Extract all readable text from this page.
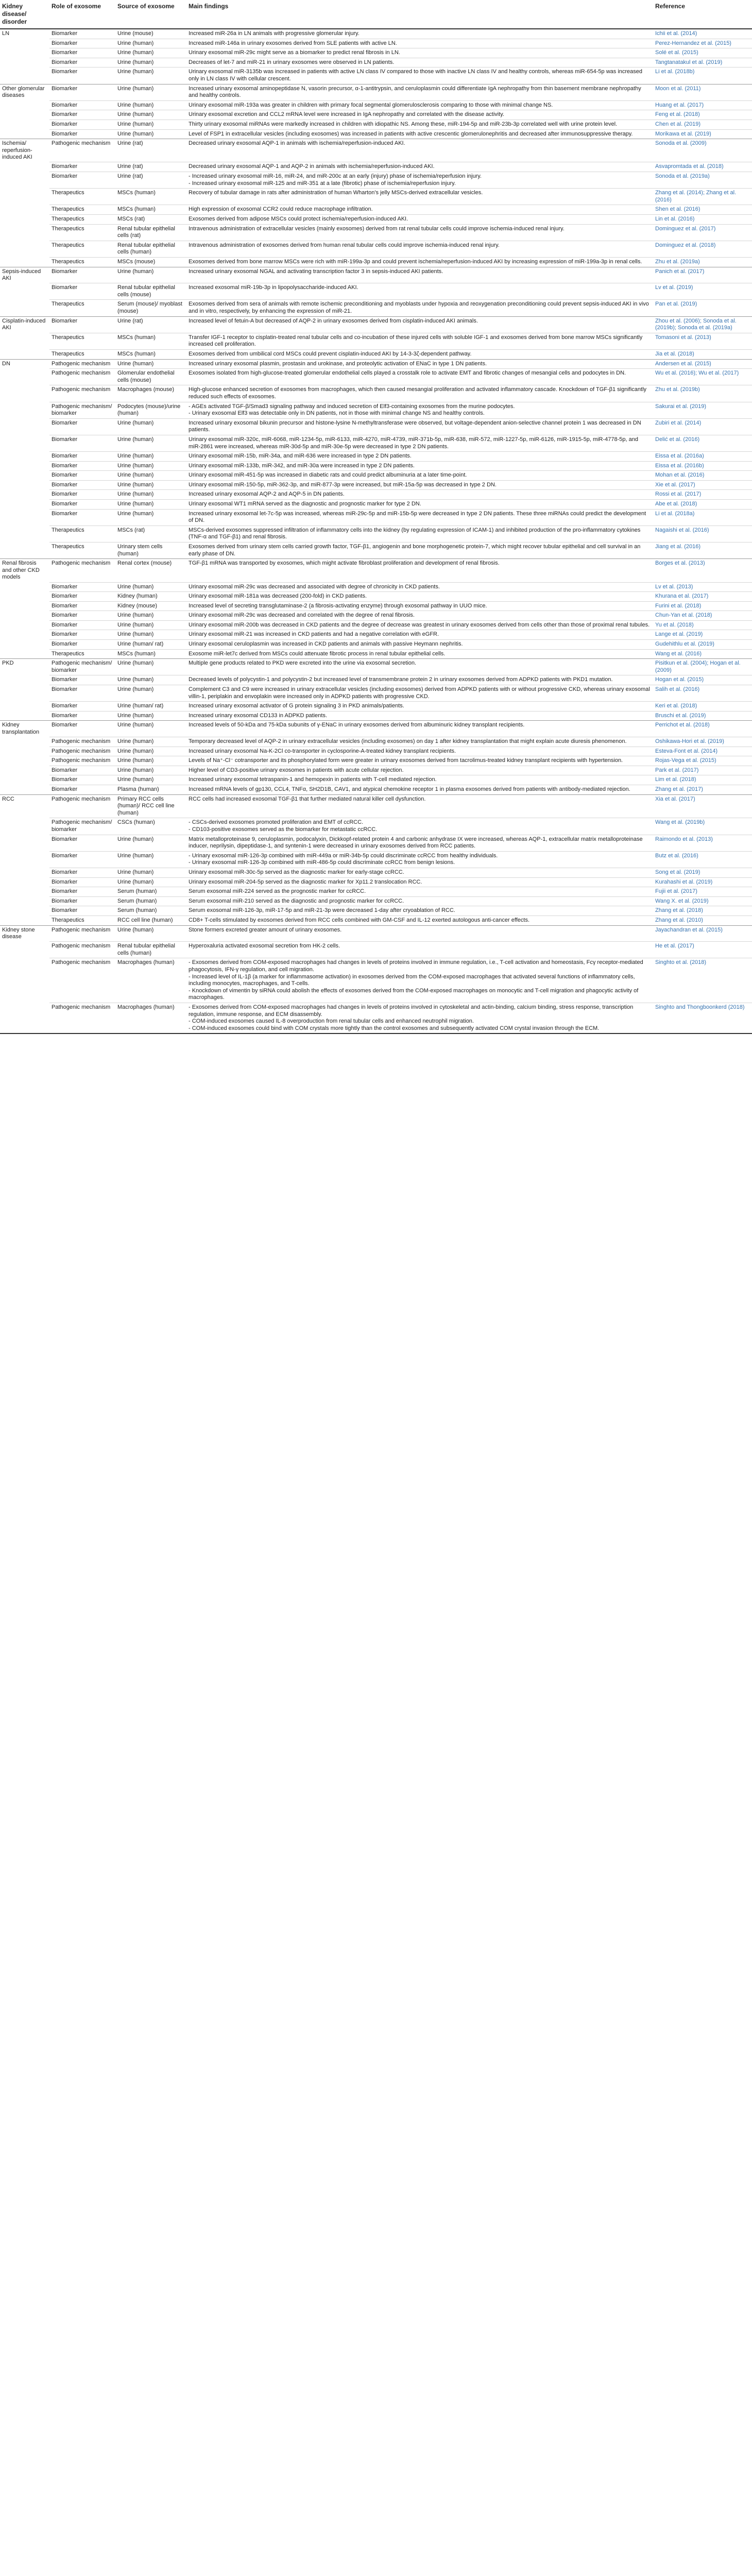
Kidney disease/ disorder	Role of exosome	Source of exosome	Main findings	Reference
LN	Biomarker	Urine (mouse)	Increased miR-26a in LN animals with progressive glomerular injury.	Ichii et al. (2014)
	Biomarker	Urine (human)	Increased miR-146a in urinary exosomes derived from SLE patients with active LN.	Perez-Hernandez et al. (2015)
	Biomarker	Urine (human)	Urinary exosomal miR-29c might serve as a biomarker to predict renal fibrosis in LN.	Solé et al. (2015)
	Biomarker	Urine (human)	Decreases of let-7 and miR-21 in urinary exosomes were observed in LN patients.	Tangtanatakul et al. (2019)
	Biomarker	Urine (human)	Urinary exosomal miR-3135b was increased in patients with active LN class IV compared to those with inactive LN class IV and healthy controls, whereas miR-654-5p was increased only in LN class IV with cellular crescent.	Li et al. (2018b)
Other glomerular diseases	Biomarker	Urine (human)	Increased urinary exosomal aminopeptidase N, vasorin precursor, α-1-antitrypsin, and ceruloplasmin could differentiate IgA nephropathy from thin basement membrane nephropathy and healthy controls.	Moon et al. (2011)
	Biomarker	Urine (human)	Urinary exosomal miR-193a was greater in children with primary focal segmental glomerulosclerosis comparing to those with minimal change NS.	Huang et al. (2017)
	Biomarker	Urine (human)	Urinary exosomal excretion and CCL2 mRNA level were increased in IgA nephropathy and correlated with the disease activity.	Feng et al. (2018)
	Biomarker	Urine (human)	Thirty urinary exosomal miRNAs were markedly increased in children with idiopathic NS. Among these, miR-194-5p and miR-23b-3p correlated well with urine protein level.	Chen et al. (2019)
	Biomarker	Urine (human)	Level of FSP1 in extracellular vesicles (including exosomes) was increased in patients with active crescentic glomerulonephritis and decreased after immunosuppressive therapy.	Morikawa et al. (2019)
Ischemia/ reperfusion-induced AKI	Pathogenic mechanism	Urine (rat)	Decreased urinary exosomal AQP-1 in animals with ischemia/reperfusion-induced AKI.	Sonoda et al. (2009)
	Biomarker	Urine (rat)	Decreased urinary exosomal AQP-1 and AQP-2 in animals with ischemia/reperfusion-induced AKI.	Asvapromtada et al. (2018)
	Biomarker	Urine (rat)	- Increased urinary exosomal miR-16, miR-24, and miR-200c at an early (injury) phase of ischemia/reperfusion injury.
- Increased urinary exosomal miR-125 and miR-351 at a late (fibrotic) phase of ischemia/reperfusion injury.	Sonoda et al. (2019a)
	Therapeutics	MSCs (human)	Recovery of tubular damage in rats after administration of human Wharton's jelly MSCs-derived extracellular vesicles.	Zhang et al. (2014); Zhang et al. (2016)
	Therapeutics	MSCs (human)	High expression of exosomal CCR2 could reduce macrophage infiltration.	Shen et al. (2016)
	Therapeutics	MSCs (rat)	Exosomes derived from adipose MSCs could protect ischemia/reperfusion-induced AKI.	Lin et al. (2016)
	Therapeutics	Renal tubular epithelial cells (rat)	Intravenous administration of extracellular vesicles (mainly exosomes) derived from rat renal tubular cells could improve ischemia-induced renal injury.	Dominguez et al. (2017)
	Therapeutics	Renal tubular epithelial cells (human)	Intravenous administration of exosomes derived from human renal tubular cells could improve ischemia-induced renal injury.	Dominguez et al. (2018)
	Therapeutics	MSCs (mouse)	Exosomes derived from bone marrow MSCs were rich with miR-199a-3p and could prevent ischemia/reperfusion-induced AKI by increasing expression of miR-199a-3p in renal cells.	Zhu et al. (2019a)
Sepsis-induced AKI	Biomarker	Urine (human)	Increased urinary exosomal NGAL and activating transcription factor 3 in sepsis-induced AKI patients.	Panich et al. (2017)
	Biomarker	Renal tubular epithelial cells (mouse)	Increased exosomal miR-19b-3p in lipopolysaccharide-induced AKI.	Lv et al. (2019)
	Therapeutics	Serum (mouse)/ myoblast (mouse)	Exosomes derived from sera of animals with remote ischemic preconditioning and myoblasts under hypoxia and reoxygenation preconditioning could prevent sepsis-induced AKI in vivo and in vitro, respectively, by enhancing the expression of miR-21.	Pan et al. (2019)
Cisplatin-induced AKI	Biomarker	Urine (rat)	Increased level of fetuin-A but decreased of AQP-2 in urinary exosomes derived from cisplatin-induced AKI animals.	Zhou et al. (2006); Sonoda et al. (2019b); Sonoda et al. (2019a)
	Therapeutics	MSCs (human)	Transfer IGF-1 receptor to cisplatin-treated renal tubular cells and co-incubation of these injured cells with soluble IGF-1 and exosomes derived from bone marrow MSCs significantly increased cell proliferation.	Tomasoni et al. (2013)
	Therapeutics	MSCs (human)	Exosomes derived from umbilical cord MSCs could prevent cisplatin-induced AKI by 14-3-3ζ-dependent pathway.	Jia et al. (2018)
DN	Pathogenic mechanism	Urine (human)	Increased urinary exosomal plasmin, prostasin and urokinase, and proteolytic activation of ENaC in type 1 DN patients.	Andersen et al. (2015)
	Pathogenic mechanism	Glomerular endothelial cells (mouse)	Exosomes isolated from high-glucose-treated glomerular endothelial cells played a crosstalk role to activate EMT and fibrotic changes of mesangial cells and podocytes in DN.	Wu et al. (2016); Wu et al. (2017)
	Pathogenic mechanism	Macrophages (mouse)	High-glucose enhanced secretion of exosomes from macrophages, which then caused mesangial proliferation and activated inflammatory cascade. Knockdown of TGF-β1 significantly reduced such effects of exosomes.	Zhu et al. (2019b)
	Pathogenic mechanism/ biomarker	Podocytes (mouse)/urine (human)	- AGEs activated TGF-β/Smad3 signaling pathway and induced secretion of Elf3-containing exosomes from the murine podocytes.
- Urinary exosomal Elf3 was detectable only in DN patients, not in those with minimal change NS and healthy controls.	Sakurai et al. (2019)
	Biomarker	Urine (human)	Increased urinary exosomal bikunin precursor and histone-lysine N-methyltransferase were observed, but voltage-dependent anion-selective channel protein 1 was decreased in DN patients.	Zubiri et al. (2014)
	Biomarker	Urine (human)	Urinary exosomal miR-320c, miR-6068, miR-1234-5p, miR-6133, miR-4270, miR-4739, miR-371b-5p, miR-638, miR-572, miR-1227-5p, miR-6126, miR-1915-5p, miR-4778-5p, and miR-2861 were increased, whereas miR-30d-5p and miR-30e-5p were decreased in type 2 DN patients.	Delić et al. (2016)
	Biomarker	Urine (human)	Urinary exosomal miR-15b, miR-34a, and miR-636 were increased in type 2 DN patients.	Eissa et al. (2016a)
	Biomarker	Urine (human)	Urinary exosomal miR-133b, miR-342, and miR-30a were increased in type 2 DN patients.	Eissa et al. (2016b)
	Biomarker	Urine (human)	Urinary exosomal miR-451-5p was increased in diabetic rats and could predict albuminuria at a later time-point.	Mohan et al. (2016)
	Biomarker	Urine (human)	Urinary exosomal miR-150-5p, miR-362-3p, and miR-877-3p were increased, but miR-15a-5p was decreased in type 2 DN.	Xie et al. (2017)
	Biomarker	Urine (human)	Increased urinary exosomal AQP-2 and AQP-5 in DN patients.	Rossi et al. (2017)
	Biomarker	Urine (human)	Urinary exosomal WT1 mRNA served as the diagnostic and prognostic marker for type 2 DN.	Abe et al. (2018)
	Biomarker	Urine (human)	Increased urinary exosomal let-7c-5p was increased, whereas miR-29c-5p and miR-15b-5p were decreased in type 2 DN patients. These three miRNAs could predict the development of DN.	Li et al. (2018a)
	Therapeutics	MSCs (rat)	MSCs-derived exosomes suppressed infiltration of inflammatory cells into the kidney (by regulating expression of ICAM-1) and inhibited production of the pro-inflammatory cytokines (TNF-α and TGF-β1) and renal fibrosis.	Nagaishi et al. (2016)
	Therapeutics	Urinary stem cells (human)	Exosomes derived from urinary stem cells carried growth factor, TGF-β1, angiogenin and bone morphogenetic protein-7, which might recover tubular epithelial and cell survival in an early phase of DN.	Jiang et al. (2016)
Renal fibrosis and other CKD models	Pathogenic mechanism	Renal cortex (mouse)	TGF-β1 mRNA was transported by exosomes, which might activate fibroblast proliferation and development of renal fibrosis.	Borges et al. (2013)
	Biomarker	Urine (human)	Urinary exosomal miR-29c was decreased and associated with degree of chronicity in CKD patients.	Lv et al. (2013)
	Biomarker	Kidney (human)	Urinary exosomal miR-181a was decreased (200-fold) in CKD patients.	Khurana et al. (2017)
	Biomarker	Kidney (mouse)	Increased level of secreting transglutaminase-2 (a fibrosis-activating enzyme) through exosomal pathway in UUO mice.	Furini et al. (2018)
	Biomarker	Urine (human)	Urinary exosomal miR-29c was decreased and correlated with the degree of renal fibrosis.	Chun-Yan et al. (2018)
	Biomarker	Urine (human)	Urinary exosomal miR-200b was decreased in CKD patients and the degree of decrease was greatest in urinary exosomes derived from cells other than those of proximal renal tubules.	Yu et al. (2018)
	Biomarker	Urine (human)	Urinary exosomal miR-21 was increased in CKD patients and had a negative correlation with eGFR.	Lange et al. (2019)
	Biomarker	Urine (human/ rat)	Urinary exosomal ceruloplasmin was increased in CKD patients and animals with passive Heymann nephritis.	Gudehithlu et al. (2019)
	Therapeutics	MSCs (human)	Exosome miR-let7c derived from MSCs could attenuate fibrotic process in renal tubular epithelial cells.	Wang et al. (2016)
PKD	Pathogenic mechanism/ biomarker	Urine (human)	Multiple gene products related to PKD were excreted into the urine via exosomal secretion.	Pisitkun et al. (2004); Hogan et al. (2009)
	Biomarker	Urine (human)	Decreased levels of polycystin-1 and polycystin-2 but increased level of transmembrane protein 2 in urinary exosomes derived from ADPKD patients with PKD1 mutation.	Hogan et al. (2015)
	Biomarker	Urine (human)	Complement C3 and C9 were increased in urinary extracellular vesicles (including exosomes) derived from ADPKD patients with or without progressive CKD, whereas urinary exosomal villin-1, periplakin and envoplakin were increased only in ADPKD patients with progressive CKD.	Salih et al. (2016)
	Biomarker	Urine (human/ rat)	Increased urinary exosomal activator of G protein signaling 3 in PKD animals/patients.	Keri et al. (2018)
	Biomarker	Urine (human)	Increased urinary exosomal CD133 in ADPKD patients.	Bruschi et al. (2019)
Kidney transplantation	Biomarker	Urine (human)	Increased levels of 50-kDa and 75-kDa subunits of γ-ENaC in urinary exosomes derived from albuminuric kidney transplant recipients.	Perrichot et al. (2018)
	Pathogenic mechanism	Urine (human)	Temporary decreased level of AQP-2 in urinary extracellular vesicles (including exosomes) on day 1 after kidney transplantation that might explain acute diuresis phenomenon.	Oshikawa-Hori et al. (2019)
	Pathogenic mechanism	Urine (human)	Increased urinary exosomal Na-K-2Cl co-transporter in cyclosporine-A-treated kidney transplant recipients.	Esteva-Font et al. (2014)
	Pathogenic mechanism	Urine (human)	Levels of Na⁺-Cl⁻ cotransporter and its phosphorylated form were greater in urinary exosomes derived from tacrolimus-treated kidney transplant recipients with hypertension.	Rojas-Vega et al. (2015)
	Biomarker	Urine (human)	Higher level of CD3-positive urinary exosomes in patients with acute cellular rejection.	Park et al. (2017)
	Biomarker	Urine (human)	Increased urinary exosomal tetraspanin-1 and hemopexin in patients with T-cell mediated rejection.	Lim et al. (2018)
	Biomarker	Plasma (human)	Increased mRNA levels of gp130, CCL4, TNFα, SH2D1B, CAV1, and atypical chemokine receptor 1 in plasma exosomes derived from patients with antibody-mediated rejection.	Zhang et al. (2017)
RCC	Pathogenic mechanism	Primary RCC cells (human)/ RCC cell line (human)	RCC cells had increased exosomal TGF-β1 that further mediated natural killer cell dysfunction.	Xia et al. (2017)
	Pathogenic mechanism/ biomarker	CSCs (human)	- CSCs-derived exosomes promoted proliferation and EMT of ccRCC.
- CD103-positive exosomes served as the biomarker for metastatic ccRCC.	Wang et al. (2019b)
	Biomarker	Urine (human)	Matrix metalloproteinase 9, ceruloplasmin, podocalyxin, Dickkopf-related protein 4 and carbonic anhydrase IX were increased, whereas AQP-1, extracellular matrix metalloproteinase inducer, neprilysin, dipeptidase-1, and syntenin-1 were decreased in urinary exosomes derived from RCC patients.	Raimondo et al. (2013)
	Biomarker	Urine (human)	- Urinary exosomal miR-126-3p combined with miR-449a or miR-34b-5p could discriminate ccRCC from healthy individuals.
- Urinary exosomal miR-126-3p combined with miR-486-5p could discriminate ccRCC from benign lesions.	Butz et al. (2016)
	Biomarker	Urine (human)	Urinary exosomal miR-30c-5p served as the diagnostic marker for early-stage ccRCC.	Song et al. (2019)
	Biomarker	Urine (human)	Urinary exosomal miR-204-5p served as the diagnostic marker for Xp11.2 translocation RCC.	Kurahashi et al. (2019)
	Biomarker	Serum (human)	Serum exosomal miR-224 served as the prognostic marker for ccRCC.	Fujii et al. (2017)
	Biomarker	Serum (human)	Serum exosomal miR-210 served as the diagnostic and prognostic marker for ccRCC.	Wang X. et al. (2019)
	Biomarker	Serum (human)	Serum exosomal miR-126-3p, miR-17-5p and miR-21-3p were decreased 1-day after cryoablation of RCC.	Zhang et al. (2018)
	Therapeutics	RCC cell line (human)	CD8+ T-cells stimulated by exosomes derived from RCC cells combined with GM-CSF and IL-12 exerted autologous anti-cancer effects.	Zhang et al. (2010)
Kidney stone disease	Pathogenic mechanism	Urine (human)	Stone formers excreted greater amount of urinary exosomes.	Jayachandran et al. (2015)
	Pathogenic mechanism	Renal tubular epithelial cells (human)	Hyperoxaluria activated exosomal secretion from HK-2 cells.	He et al. (2017)
	Pathogenic mechanism	Macrophages (human)	- Exosomes derived from COM-exposed macrophages had changes in levels of proteins involved in immune regulation, i.e., T-cell activation and homeostasis, Fcγ receptor-mediated phagocytosis, IFN-γ regulation, and cell migration.
- Increased level of IL-1β (a marker for inflammasome activation) in exosomes derived from the COM-exposed macrophages that activated several functions of inflammatory cells, including monocytes, macrophages, and T-cells.
- Knockdown of vimentin by siRNA could abolish the effects of exosomes derived from the COM-exposed macrophages on monocytic and T-cell migration and phagocytic activity of macrophages.	Singhto et al. (2018)
	Pathogenic mechanism	Macrophages (human)	- Exosomes derived from COM-exposed macrophages had changes in levels of proteins involved in cytoskeletal and actin-binding, calcium binding, stress response, transcription regulation, immune response, and ECM disassembly.
- COM-induced exosomes caused IL-8 overproduction from renal tubular cells and enhanced neutrophil migration.
- COM-induced exosomes could bind with COM crystals more tightly than the control exosomes and subsequently activated COM crystal invasion through the ECM.	Singhto and Thongboonkerd (2018)
